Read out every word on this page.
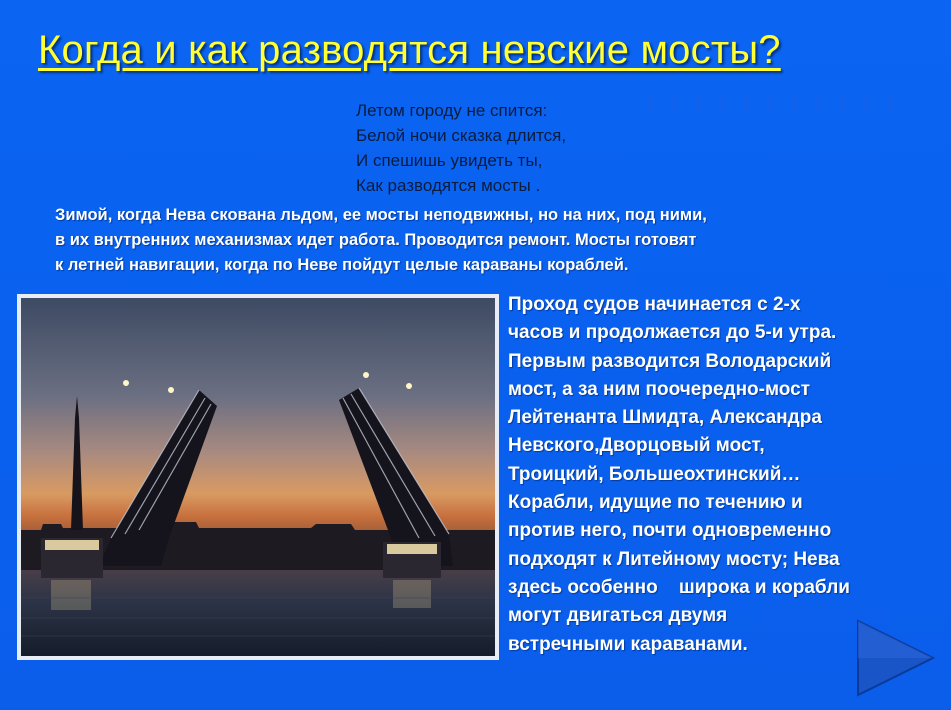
Когда и как разводятся невские мосты?
Летом городу не спится:
Белой ночи сказка длится,
И спешишь увидеть ты,
Как разводятся мосты .
Зимой, когда Нева скована льдом, ее мосты неподвижны, но на них, под ними,
в их внутренних механизмах идет работа. Проводится ремонт. Мосты готовят
к летней навигации, когда по Неве пойдут целые караваны кораблей.
Проход судов начинается с 2-х
часов и продолжается до 5-и утра.
Первым разводится Володарский
мост, а за ним поочередно-мост
Лейтенанта Шмидта, Александра
Невского,Дворцовый мост,
Троицкий, Большеохтинский…
Корабли, идущие по течению и
против него, почти одновременно
подходят к Литейному мосту; Нева
здесь особенно    широка и корабли
могут двигаться двумя
встречными караванами.
